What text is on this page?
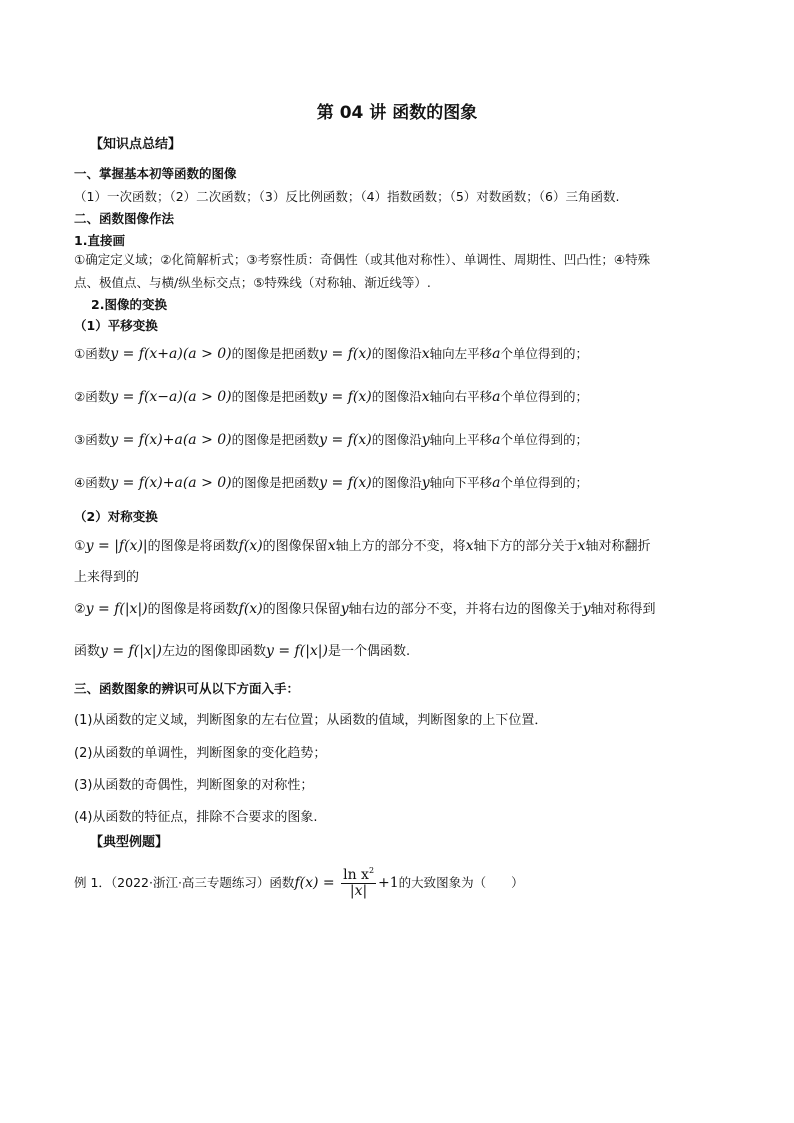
第 04 讲 函数的图象
【知识点总结】
一、掌握基本初等函数的图像
（1）一次函数；（2）二次函数；（3）反比例函数；（4）指数函数；（5）对数函数；（6）三角函数.
二、函数图像作法
1.直接画
①确定定义域；②化简解析式；③考察性质：奇偶性（或其他对称性）、单调性、周期性、凹凸性；④特殊
点、极值点、与横/纵坐标交点；⑤特殊线（对称轴、渐近线等）.
2.图像的变换
（1）平移变换
①函数y = f(x+a)(a > 0)的图像是把函数y = f(x)的图像沿x轴向左平移a个单位得到的；
②函数y = f(x−a)(a > 0)的图像是把函数y = f(x)的图像沿x轴向右平移a个单位得到的；
③函数y = f(x)+a(a > 0)的图像是把函数y = f(x)的图像沿y轴向上平移a个单位得到的；
④函数y = f(x)+a(a > 0)的图像是把函数y = f(x)的图像沿y轴向下平移a个单位得到的；
（2）对称变换
①y = |f(x)|的图像是将函数f(x)的图像保留x轴上方的部分不变，将x轴下方的部分关于x轴对称翻折
上来得到的
②y = f(|x|)的图像是将函数f(x)的图像只保留y轴右边的部分不变，并将右边的图像关于y轴对称得到
函数y = f(|x|)左边的图像即函数y = f(|x|)是一个偶函数.
三、函数图象的辨识可从以下方面入手：
(1)从函数的定义域，判断图象的左右位置；从函数的值域，判断图象的上下位置．
(2)从函数的单调性，判断图象的变化趋势；
(3)从函数的奇偶性，判断图象的对称性；
(4)从函数的特征点，排除不合要求的图象.
【典型例题】
例 1．（2022·浙江·高三专题练习）函数$f(x) = \frac{\ln x^2}{|x|} +1$的大致图象为（　　）
